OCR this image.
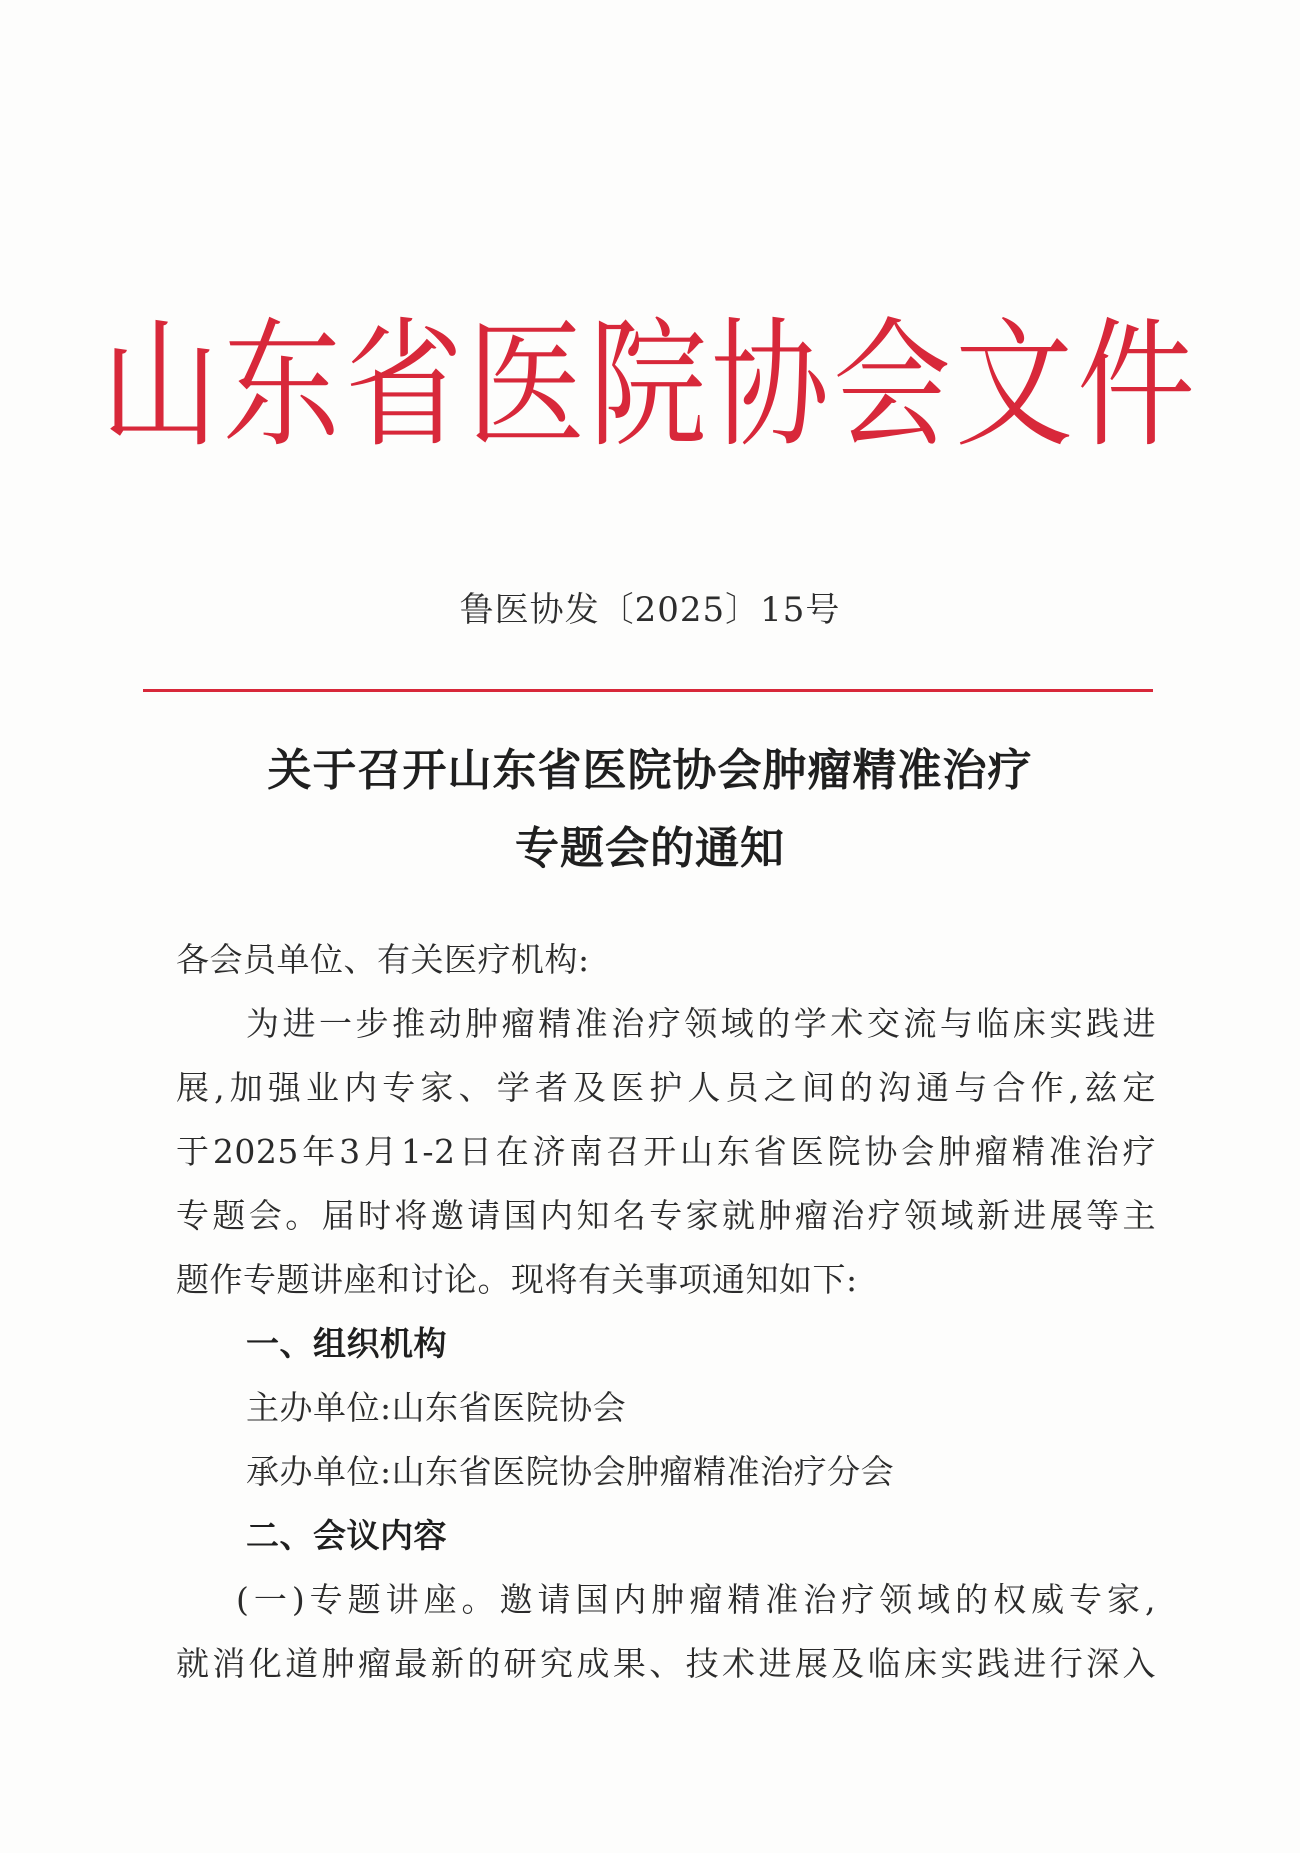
山东省医院协会文件
鲁医协发〔2025〕15号
关于召开山东省医院协会肿瘤精准治疗
专题会的通知
各会员单位、有关医疗机构:
为进一步推动肿瘤精准治疗领域的学术交流与临床实践进
展,加强业内专家、学者及医护人员之间的沟通与合作,兹定
于2025年3月1-2日在济南召开山东省医院协会肿瘤精准治疗
专题会。届时将邀请国内知名专家就肿瘤治疗领域新进展等主
题作专题讲座和讨论。现将有关事项通知如下:
一、组织机构
主办单位:山东省医院协会
承办单位:山东省医院协会肿瘤精准治疗分会
二、会议内容
(一)专题讲座。邀请国内肿瘤精准治疗领域的权威专家,
就消化道肿瘤最新的研究成果、技术进展及临床实践进行深入
